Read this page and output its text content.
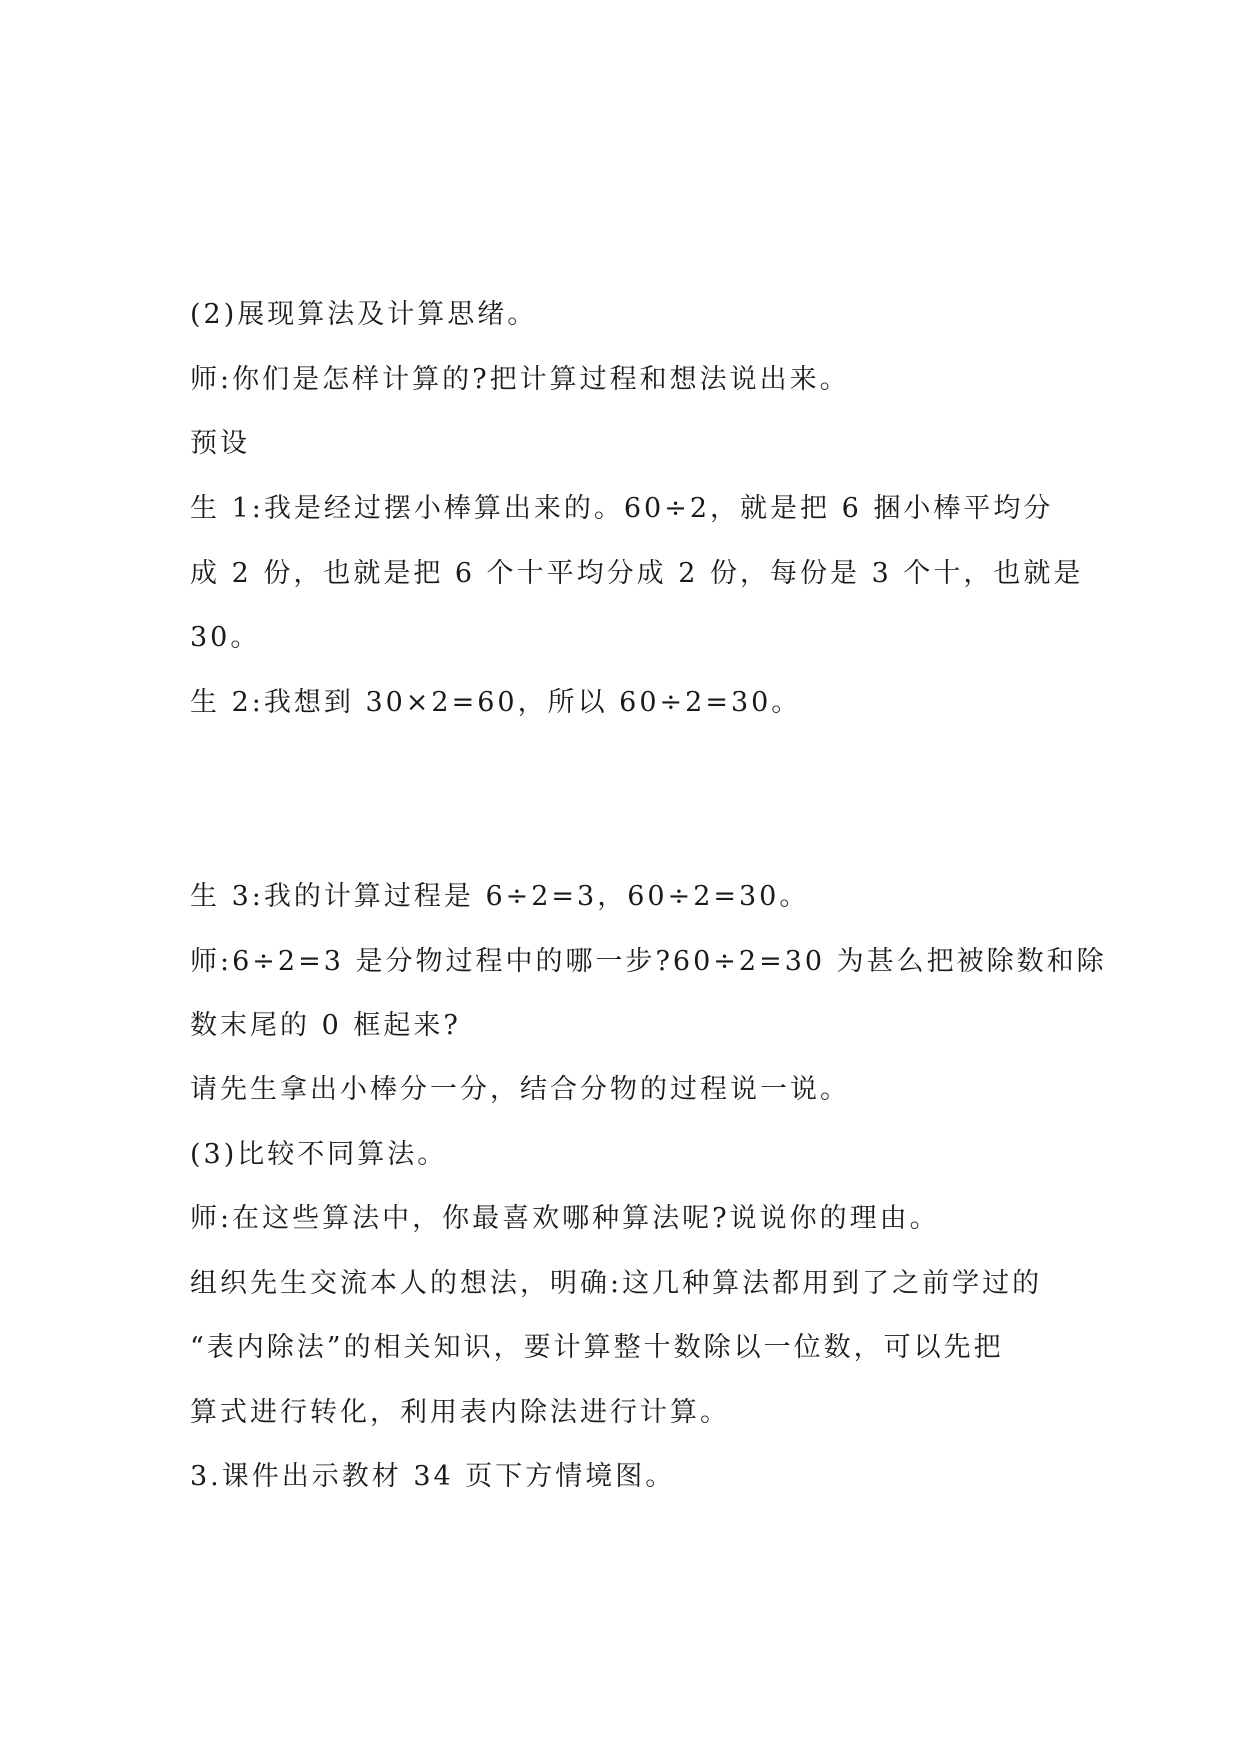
(2)展现算法及计算思绪。
师:你们是怎样计算的?把计算过程和想法说出来。
预设
生 1:我是经过摆小棒算出来的。60÷2，就是把 6 捆小棒平均分
成 2 份，也就是把 6 个十平均分成 2 份，每份是 3 个十，也就是
30。
生 2:我想到 30×2=60，所以 60÷2=30。
生 3:我的计算过程是 6÷2=3，60÷2=30。
师:6÷2=3 是分物过程中的哪一步?60÷2=30 为甚么把被除数和除
数末尾的 0 框起来?
请先生拿出小棒分一分，结合分物的过程说一说。
(3)比较不同算法。
师:在这些算法中，你最喜欢哪种算法呢?说说你的理由。
组织先生交流本人的想法，明确:这几种算法都用到了之前学过的
“表内除法”的相关知识，要计算整十数除以一位数，可以先把
算式进行转化，利用表内除法进行计算。
3.课件出示教材 34 页下方情境图。
